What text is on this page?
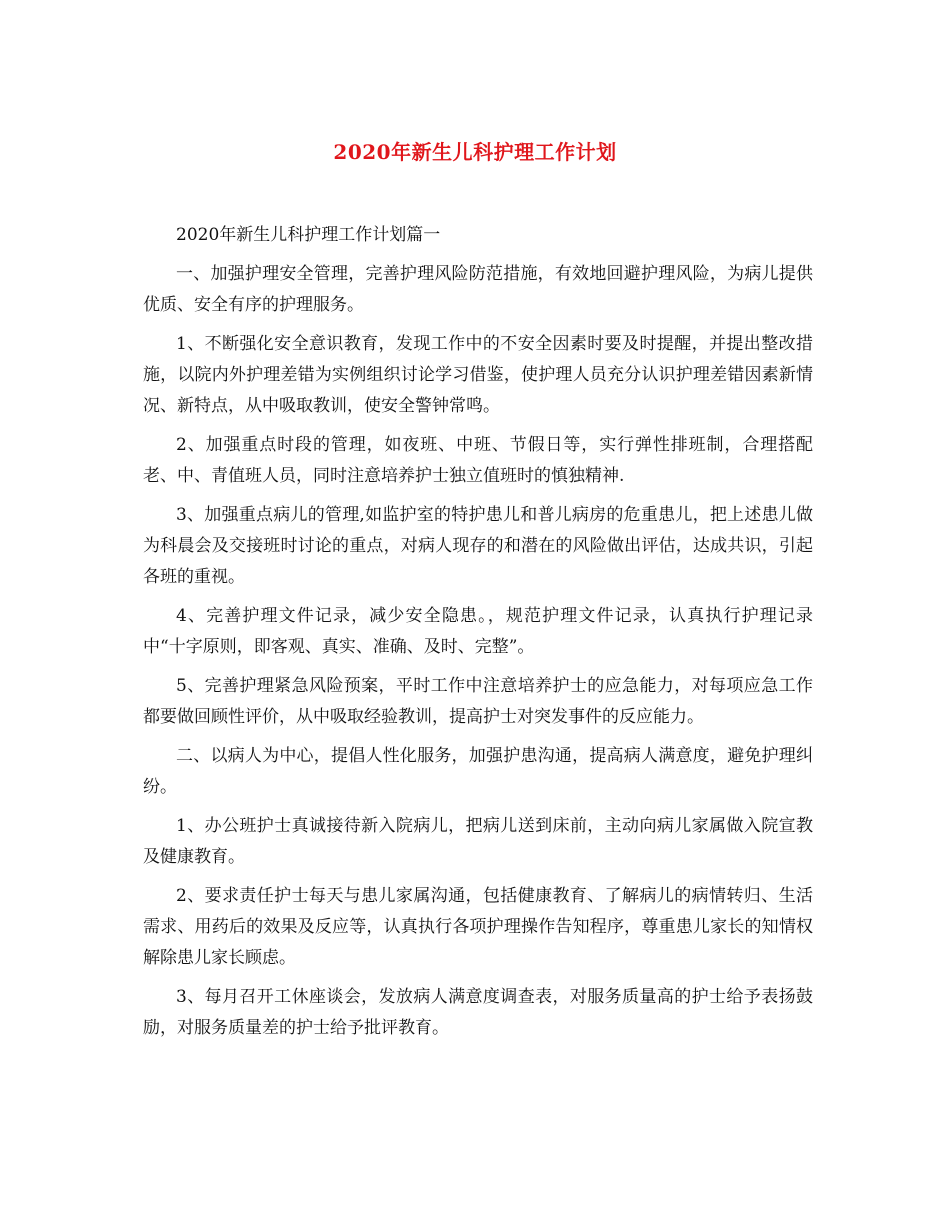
2020年新生儿科护理工作计划

2020年新生儿科护理工作计划篇一

一、加强护理安全管理，完善护理风险防范措施，有效地回避护理风险，为病儿提供优质、安全有序的护理服务。

1、不断强化安全意识教育，发现工作中的不安全因素时要及时提醒，并提出整改措施，以院内外护理差错为实例组织讨论学习借鉴，使护理人员充分认识护理差错因素新情况、新特点，从中吸取教训，使安全警钟常鸣。

2、加强重点时段的管理，如夜班、中班、节假日等，实行弹性排班制，合理搭配老、中、青值班人员，同时注意培养护士独立值班时的慎独精神.

3、加强重点病儿的管理,如监护室的特护患儿和普儿病房的危重患儿，把上述患儿做为科晨会及交接班时讨论的重点，对病人现存的和潜在的风险做出评估，达成共识，引起各班的重视。

4、完善护理文件记录，减少安全隐患。，规范护理文件记录，认真执行护理记录中“十字原则，即客观、真实、准确、及时、完整”。

5、完善护理紧急风险预案，平时工作中注意培养护士的应急能力，对每项应急工作都要做回顾性评价，从中吸取经验教训，提高护士对突发事件的反应能力。

二、以病人为中心，提倡人性化服务，加强护患沟通，提高病人满意度，避免护理纠纷。

1、办公班护士真诚接待新入院病儿，把病儿送到床前，主动向病儿家属做入院宣教及健康教育。

2、要求责任护士每天与患儿家属沟通，包括健康教育、了解病儿的病情转归、生活需求、用药后的效果及反应等，认真执行各项护理操作告知程序，尊重患儿家长的知情权解除患儿家长顾虑。

3、每月召开工休座谈会，发放病人满意度调查表，对服务质量高的护士给予表扬鼓励，对服务质量差的护士给予批评教育。
